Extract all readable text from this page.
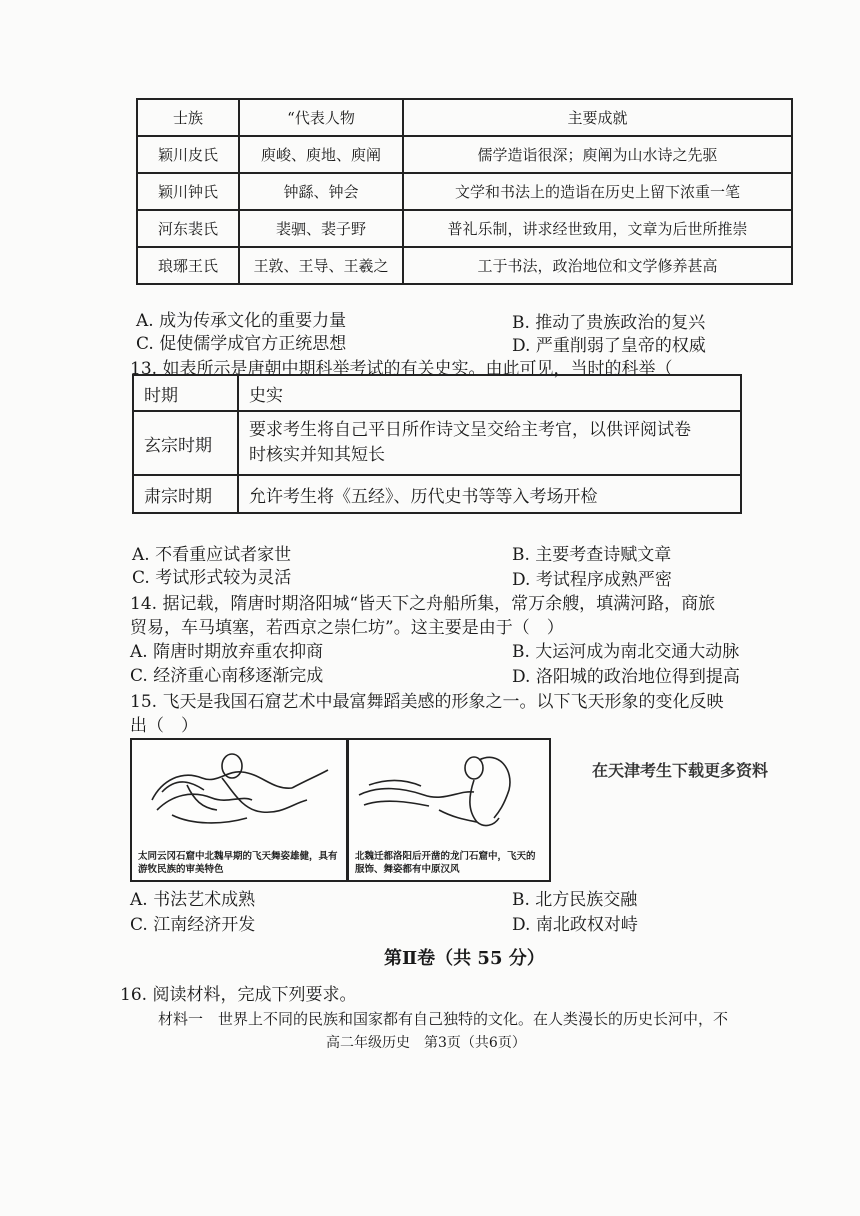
士族	“代表人物	主要成就
颖川皮氏	庾峻、庾地、庾阐	儒学造诣很深；庾阐为山水诗之先驱
颖川钟氏	钟繇、钟会	文学和书法上的造诣在历史上留下浓重一笔
河东裴氏	裴驷、裴子野	普礼乐制，讲求经世致用，文章为后世所推崇
琅琊王氏	王敦、王导、王羲之	工于书法，政治地位和文学修养甚高
A. 成为传承文化的重要力量	B. 推动了贵族政治的复兴
C. 促使儒学成官方正统思想	D. 严重削弱了皇帝的权威
13. 如表所示是唐朝中期科举考试的有关史实。由此可见，当时的科举（
时期	史实
玄宗时期	要求考生将自己平日所作诗文呈交给主考官，以供评阅试卷
时核实并知其短长

肃宗时期	允许考生将《五经》、历代史书等等入考场开检
A. 不看重应试者家世	B. 主要考查诗赋文章
C. 考试形式较为灵活	D. 考试程序成熟严密
14. 据记载，隋唐时期洛阳城“皆天下之舟船所集，常万余艘，填满河路，商旅
贸易，车马填塞，若西京之崇仁坊”。这主要是由于（　）
A. 隋唐时期放弃重农抑商	B. 大运河成为南北交通大动脉
C. 经济重心南移逐渐完成	D. 洛阳城的政治地位得到提高
15. 飞天是我国石窟艺术中最富舞蹈美感的形象之一。以下飞天形象的变化反映
出（　）
太同云冈石窟中北魏早期的飞天舞姿雄健，具有游牧民族的审美特色
北魏迁都洛阳后开凿的龙门石窟中，飞天的服饰、舞姿都有中原汉风
在天津考生下载更多资料
A. 书法艺术成熟	B. 北方民族交融
C. 江南经济开发	D. 南北政权对峙
第Ⅱ卷（共 55 分）
16. 阅读材料，完成下列要求。
材料一　世界上不同的民族和国家都有自己独特的文化。在人类漫长的历史长河中，不
高二年级历史　第3页（共6页）
